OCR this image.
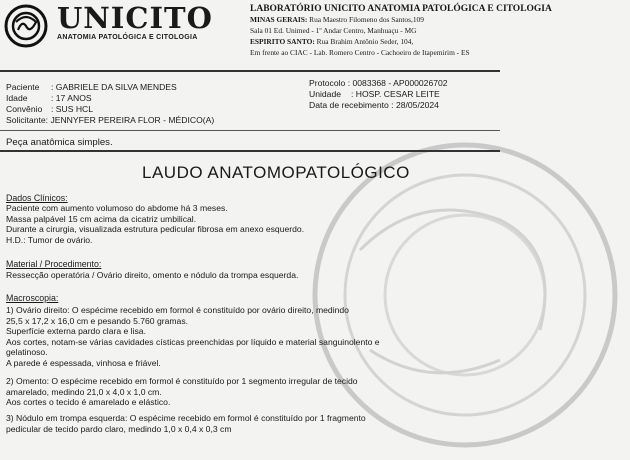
UNICITO
ANATOMIA PATOLÓGICA E CITOLOGIA
LABORATÓRIO UNICITO ANATOMIA PATOLÓGICA E CITOLOGIA
MINAS GERAIS: Rua Maestro Filomeno dos Santos,109
Sala 01 Ed. Unimed - 1º Andar Centro, Manhuaçu - MG
ESPIRITO SANTO: Rua Brahim Antônio Seder, 104,
Em frente ao CIAC - Lab. Romero Centro - Cachoeiro de Itapemirim - ES
Paciente : GABRIELE DA SILVA MENDES
Idade	: 17 ANOS
Convênio : SUS HCL
Solicitante: JENNYFER PEREIRA FLOR - MÉDICO(A)
Protocolo : 0083368 - AP000026702
Unidade : HOSP. CESAR LEITE
Data de recebimento : 28/05/2024
Peça anatômica simples.
LAUDO ANATOMOPATOLÓGICO
Dados Clínicos:
Paciente com aumento volumoso do abdome há 3 meses.
Massa palpável 15 cm acima da cicatriz umbilical.
Durante a cirurgia, visualizada estrutura pedicular fibrosa em anexo esquerdo.
H.D.: Tumor de ovário.
Material / Procedimento:
Ressecção operatória / Ovário direito, omento e nódulo da trompa esquerda.
Macroscopia:
1) Ovário direito: O espécime recebido em formol é constituído por ovário direito, medindo
25,5 x 17,2 x 16,0 cm e pesando 5.760 gramas.
Superfície externa pardo clara e lisa.
Aos cortes, notam-se várias cavidades císticas preenchidas por líquido e material sanguinolento e
gelatinoso.
A parede é espessada, vinhosa e friável.
2) Omento: O espécime recebido em formol é constituído por 1 segmento irregular de tecido
amarelado, medindo 21,0 x 4,0 x 1,0 cm.
Aos cortes o tecido é amarelado e elástico.
3) Nódulo em trompa esquerda: O espécime recebido em formol é constituído por 1 fragmento
pedicular de tecido pardo claro, medindo 1,0 x 0,4 x 0,3 cm
